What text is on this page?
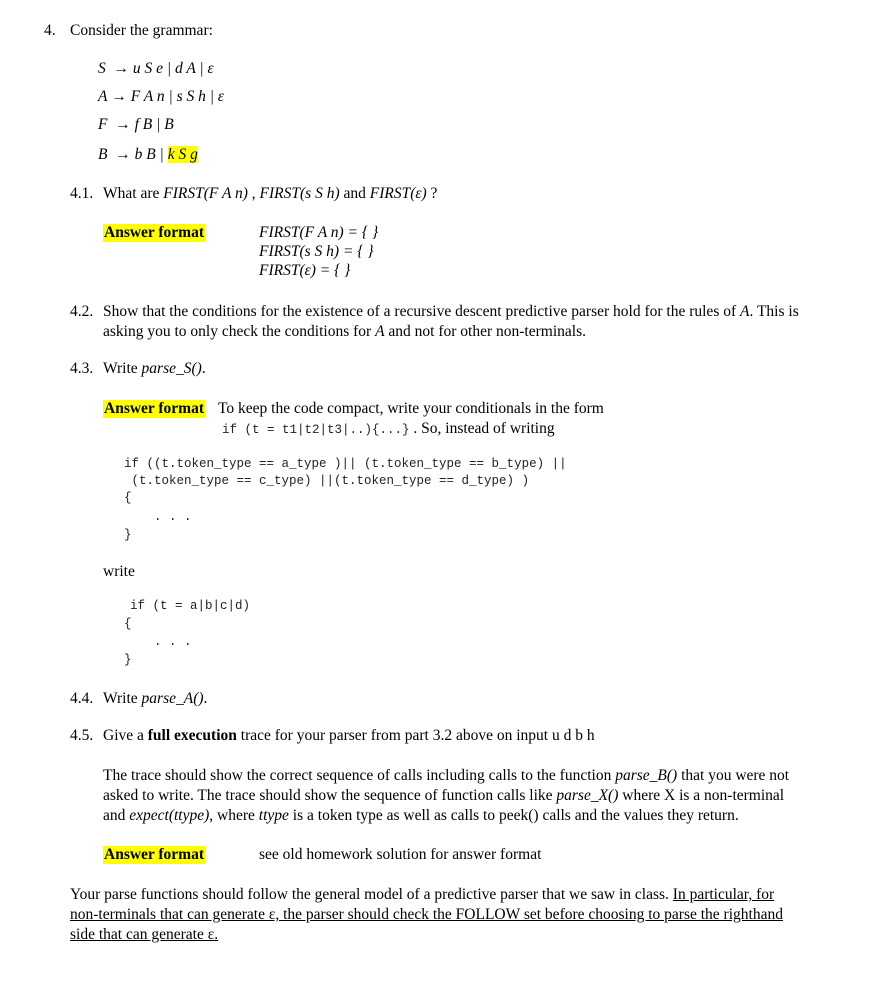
4. Consider the grammar:
S → u S e | d A | ε
A → F A n | s S h | ε
F → f B | B
B → b B | k S g
4.1. What are FIRST(F A n) , FIRST(s S h) and FIRST(ε) ?
Answer format	FIRST(F A n) = { }
FIRST(s S h) = { }
FIRST(ε) = { }
4.2. Show that the conditions for the existence of a recursive descent predictive parser hold for the rules of A. This is
asking you to only check the conditions for A and not for other non-terminals.
4.3. Write parse_S().
Answer format To keep the code compact, write your conditionals in the form
if (t = t1|t2|t3|..){...} . So, instead of writing
if ((t.token_type == a_type )|| (t.token_type == b_type) ||
(t.token_type == c_type) ||(t.token_type == d_type) )
{
. . .
}
write
if (t = a|b|c|d)
{
. . .
}
4.4. Write parse_A().
4.5. Give a full execution trace for your parser from part 3.2 above on input u d b h
The trace should show the correct sequence of calls including calls to the function parse_B() that you were not
asked to write. The trace should show the sequence of function calls like parse_X() where X is a non-terminal
and expect(ttype), where ttype is a token type as well as calls to peek() calls and the values they return.
Answer format	see old homework solution for answer format
Your parse functions should follow the general model of a predictive parser that we saw in class. In particular, for
non-terminals that can generate ε, the parser should check the FOLLOW set before choosing to parse the righthand
side that can generate ε.
